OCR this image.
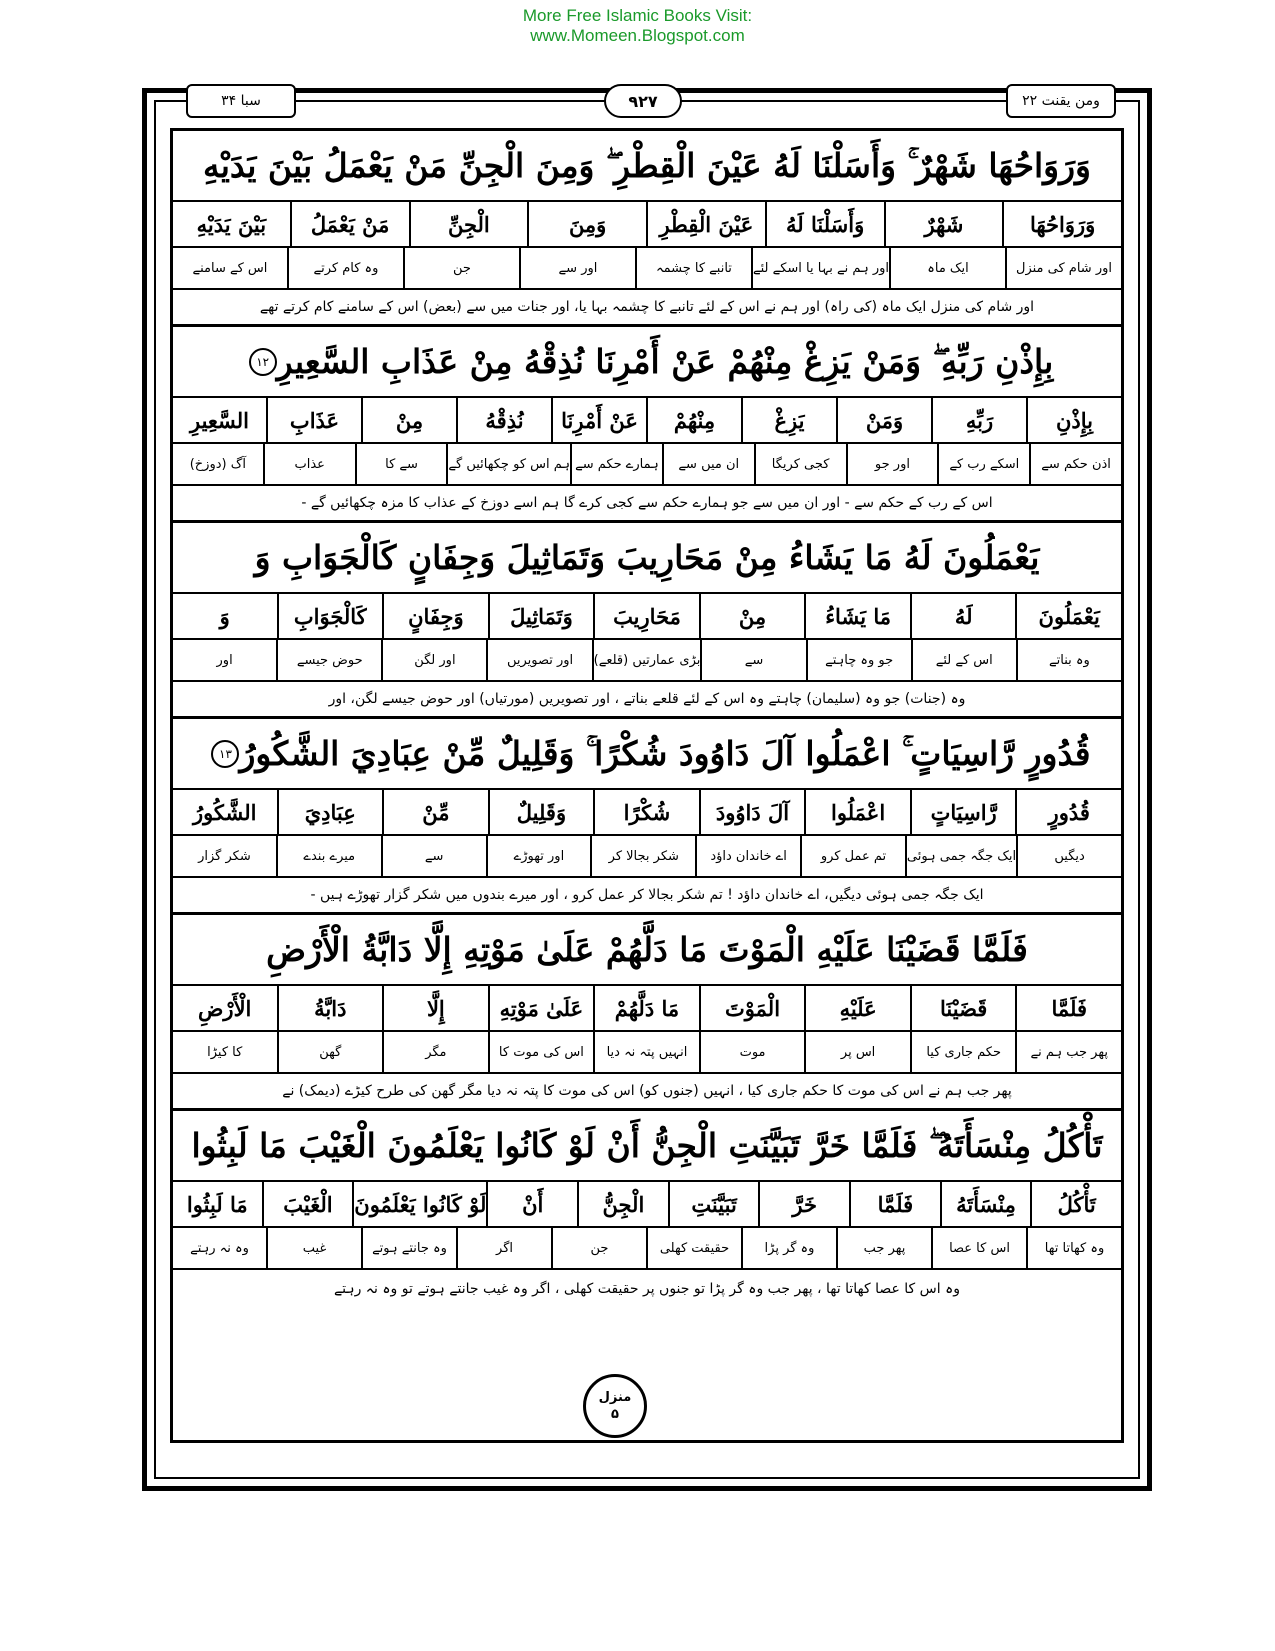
More Free Islamic Books Visit:
www.Momeen.Blogspot.com
سبا ۳۴	۹۲۷	ومن یقنت ۲۲
وَرَوَاحُهَا شَهْرٌ ۚ وَأَسَلْنَا لَهُ عَيْنَ الْقِطْرِ ۖ وَمِنَ الْجِنِّ مَنْ يَعْمَلُ بَيْنَ يَدَيْهِ
وَرَوَاحُهَا
شَهْرٌ
وَأَسَلْنَا لَهُ
عَيْنَ الْقِطْرِ
وَمِنَ
الْجِنِّ
مَنْ يَعْمَلُ
بَيْنَ يَدَيْهِ
اور شام کی منزل
ایک ماہ
اور ہم نے بہا یا اسکے لئے
تانبے کا چشمہ
اور سے
جن
وہ کام کرتے
اس کے سامنے
اور شام کی منزل ایک ماہ (کی راہ) اور ہم نے اس کے لئے تانبے کا چشمہ بہا یا، اور جنات میں سے (بعض) اس کے سامنے کام کرتے تھے
بِإِذْنِ رَبِّهِ ۖ وَمَنْ يَزِغْ مِنْهُمْ عَنْ أَمْرِنَا نُذِقْهُ مِنْ عَذَابِ السَّعِيرِ
۱۲
بِإِذْنِ
رَبِّهِ
وَمَنْ
يَزِغْ
مِنْهُمْ
عَنْ أَمْرِنَا
نُذِقْهُ
مِنْ
عَذَابِ
السَّعِيرِ
اذن حکم سے
اسکے رب کے
اور جو
کجی کریگا
ان میں سے
ہمارے حکم سے
ہم اس کو چکھائیں گے
سے کا
عذاب
آگ (دوزخ)
اس کے رب کے حکم سے - اور ان میں سے جو ہمارے حکم سے کجی کرے گا ہم اسے دوزخ کے عذاب کا مزہ چکھائیں گے -
يَعْمَلُونَ لَهُ مَا يَشَاءُ مِنْ مَحَارِيبَ وَتَمَاثِيلَ وَجِفَانٍ كَالْجَوَابِ وَ
يَعْمَلُونَ
لَهُ
مَا يَشَاءُ
مِنْ
مَحَارِيبَ
وَتَمَاثِيلَ
وَجِفَانٍ
كَالْجَوَابِ
وَ
وہ بناتے
اس کے لئے
جو وہ چاہتے
سے
بڑی عمارتیں (قلعے)
اور تصویریں
اور لگن
حوض جیسے
اور
وہ (جنات) جو وہ (سلیمان) چاہتے وہ اس کے لئے قلعے بناتے ، اور تصویریں (مورتیاں) اور حوض جیسے لگن، اور
قُدُورٍ رَّاسِيَاتٍ ۚ اعْمَلُوا آلَ دَاوُودَ شُكْرًا ۚ وَقَلِيلٌ مِّنْ عِبَادِيَ الشَّكُورُ
۱۳
قُدُورٍ
رَّاسِيَاتٍ
اعْمَلُوا
آلَ دَاوُودَ
شُكْرًا
وَقَلِيلٌ
مِّنْ
عِبَادِيَ
الشَّكُورُ
دیگیں
ایک جگہ جمی ہوئی
تم عمل کرو
اے خاندان داؤد
شکر بجالا کر
اور تھوڑے
سے
میرے بندے
شکر گزار
ایک جگہ جمی ہوئی دیگیں، اے خاندان داؤد ! تم شکر بجالا کر عمل کرو ، اور میرے بندوں میں شکر گزار تھوڑے ہیں -
فَلَمَّا قَضَيْنَا عَلَيْهِ الْمَوْتَ مَا دَلَّهُمْ عَلَىٰ مَوْتِهِ إِلَّا دَابَّةُ الْأَرْضِ
فَلَمَّا
قَضَيْنَا
عَلَيْهِ
الْمَوْتَ
مَا دَلَّهُمْ
عَلَىٰ مَوْتِهِ
إِلَّا
دَابَّةُ
الْأَرْضِ
پھر جب ہم نے
حکم جاری کیا
اس پر
موت
انہیں پتہ نہ دیا
اس کی موت کا
مگر
گھن
کا کیڑا
پھر جب ہم نے اس کی موت کا حکم جاری کیا ، انہیں (جنوں کو) اس کی موت کا پتہ نہ دیا مگر گھن کی طرح کیڑے (دیمک) نے
تَأْكُلُ مِنْسَأَتَهُ ۖ فَلَمَّا خَرَّ تَبَيَّنَتِ الْجِنُّ أَنْ لَوْ كَانُوا يَعْلَمُونَ الْغَيْبَ مَا لَبِثُوا
تَأْكُلُ
مِنْسَأَتَهُ
فَلَمَّا
خَرَّ
تَبَيَّنَتِ
الْجِنُّ
أَنْ
لَوْ كَانُوا يَعْلَمُونَ
الْغَيْبَ
مَا لَبِثُوا
وہ کھاتا تھا
اس کا عصا
پھر جب
وہ گر پڑا
حقیقت کھلی
جن
اگر
وہ جانتے ہوتے
غیب
وہ نہ رہتے
وہ اس کا عصا کھاتا تھا ، پھر جب وہ گر پڑا تو جنوں پر حقیقت کھلی ، اگر وہ غیب جانتے ہوتے تو وہ نہ رہتے
منزل
۵
